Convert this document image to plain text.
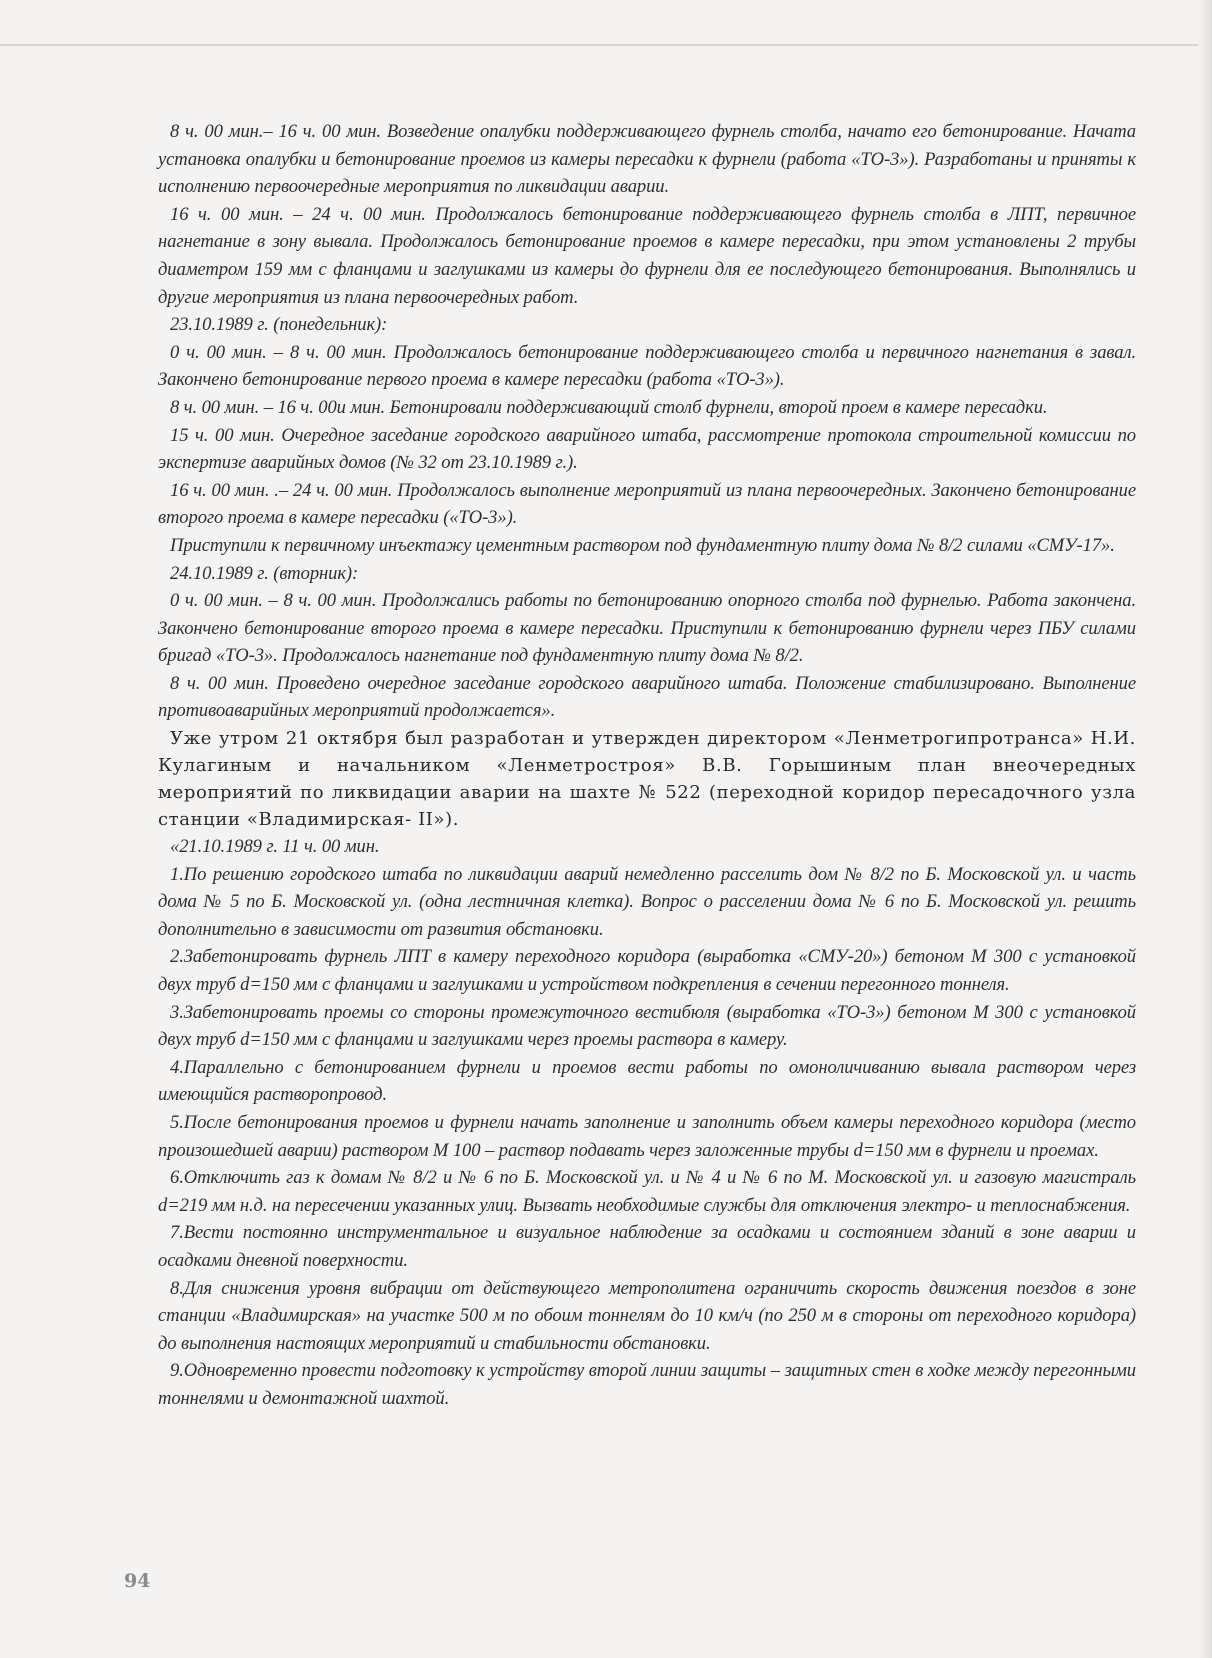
8 ч. 00 мин.– 16 ч. 00 мин. Возведение опалубки поддерживающего фурнель столба, начато его бетонирование. Начата установка опалубки и бетонирование проемов из камеры пересадки к фурнели (работа «ТО-3»). Разработаны и приняты к исполнению первоочередные мероприятия по ликвидации аварии.

16 ч. 00 мин. – 24 ч. 00 мин. Продолжалось бетонирование поддерживающего фурнель столба в ЛПТ, первичное нагнетание в зону вывала. Продолжалось бетонирование проемов в камере пересадки, при этом установлены 2 трубы диаметром 159 мм с фланцами и заглушками из камеры до фурнели для ее последующего бетонирования. Выполнялись и другие мероприятия из плана первоочередных работ.

23.10.1989 г. (понедельник):

0 ч. 00 мин. – 8 ч. 00 мин. Продолжалось бетонирование поддерживающего столба и первичного нагнетания в завал. Закончено бетонирование первого проема в камере пересадки (работа «ТО-3»).

8 ч. 00 мин. – 16 ч. 00и мин. Бетонировали поддерживающий столб фурнели, второй проем в камере пересадки.

15 ч. 00 мин. Очередное заседание городского аварийного штаба, рассмотрение протокола строительной комиссии по экспертизе аварийных домов (№ 32 от 23.10.1989 г.).

16 ч. 00 мин. .– 24 ч. 00 мин. Продолжалось выполнение мероприятий из плана первоочередных. Закончено бетонирование второго проема в камере пересадки («ТО-3»).

Приступили к первичному инъектажу цементным раствором под фундаментную плиту дома № 8/2 силами «СМУ-17».

24.10.1989 г. (вторник):

0 ч. 00 мин. – 8 ч. 00 мин. Продолжались работы по бетонированию опорного столба под фурнелью. Работа закончена. Закончено бетонирование второго проема в камере пересадки. Приступили к бетонированию фурнели через ПБУ силами бригад «ТО-3». Продолжалось нагнетание под фундаментную плиту дома № 8/2.

8 ч. 00 мин. Проведено очередное заседание городского аварийного штаба. Положение стабилизировано. Выполнение противоаварийных мероприятий продолжается».

Уже утром 21 октября был разработан и утвержден директором «Ленметрогипротранса» Н.И. Кулагиным и начальником «Ленметростроя» В.В. Горышиным план внеочередных мероприятий по ликвидации аварии на шахте № 522 (переходной коридор пересадочного узла станции «Владимирская- II»).

«21.10.1989 г. 11 ч. 00 мин.

1.По решению городского штаба по ликвидации аварий немедленно расселить дом № 8/2 по Б. Московской ул. и часть дома № 5 по Б. Московской ул. (одна лестничная клетка). Вопрос о расселении дома № 6 по Б. Московской ул. решить дополнительно в зависимости от развития обстановки.

2.Забетонировать фурнель ЛПТ в камеру переходного коридора (выработка «СМУ-20») бетоном М 300 с установкой двух труб d=150 мм с фланцами и заглушками и устройством подкрепления в сечении перегонного тоннеля.

3.Забетонировать проемы со стороны промежуточного вестибюля (выработка «ТО-3») бетоном М 300 с установкой двух труб d=150 мм с фланцами и заглушками через проемы раствора в камеру.

4.Параллельно с бетонированием фурнели и проемов вести работы по омоноличиванию вывала раствором через имеющийся растворопровод.

5.После бетонирования проемов и фурнели начать заполнение и заполнить объем камеры переходного коридора (место произошедшей аварии) раствором М 100 – раствор подавать через заложенные трубы d=150 мм в фурнели и проемах.

6.Отключить газ к домам № 8/2 и № 6 по Б. Московской ул. и № 4 и № 6 по М. Московской ул. и газовую магистраль d=219 мм н.д. на пересечении указанных улиц. Вызвать необходимые службы для отключения электро- и теплоснабжения.

7.Вести постоянно инструментальное и визуальное наблюдение за осадками и состоянием зданий в зоне аварии и осадками дневной поверхности.

8.Для снижения уровня вибрации от действующего метрополитена ограничить скорость движения поездов в зоне станции «Владимирская» на участке 500 м по обоим тоннелям до 10 км/ч (по 250 м в стороны от переходного коридора) до выполнения настоящих мероприятий и стабильности обстановки.

9.Одновременно провести подготовку к устройству второй линии защиты – защитных стен в ходке между перегонными тоннелями и демонтажной шахтой.

94
